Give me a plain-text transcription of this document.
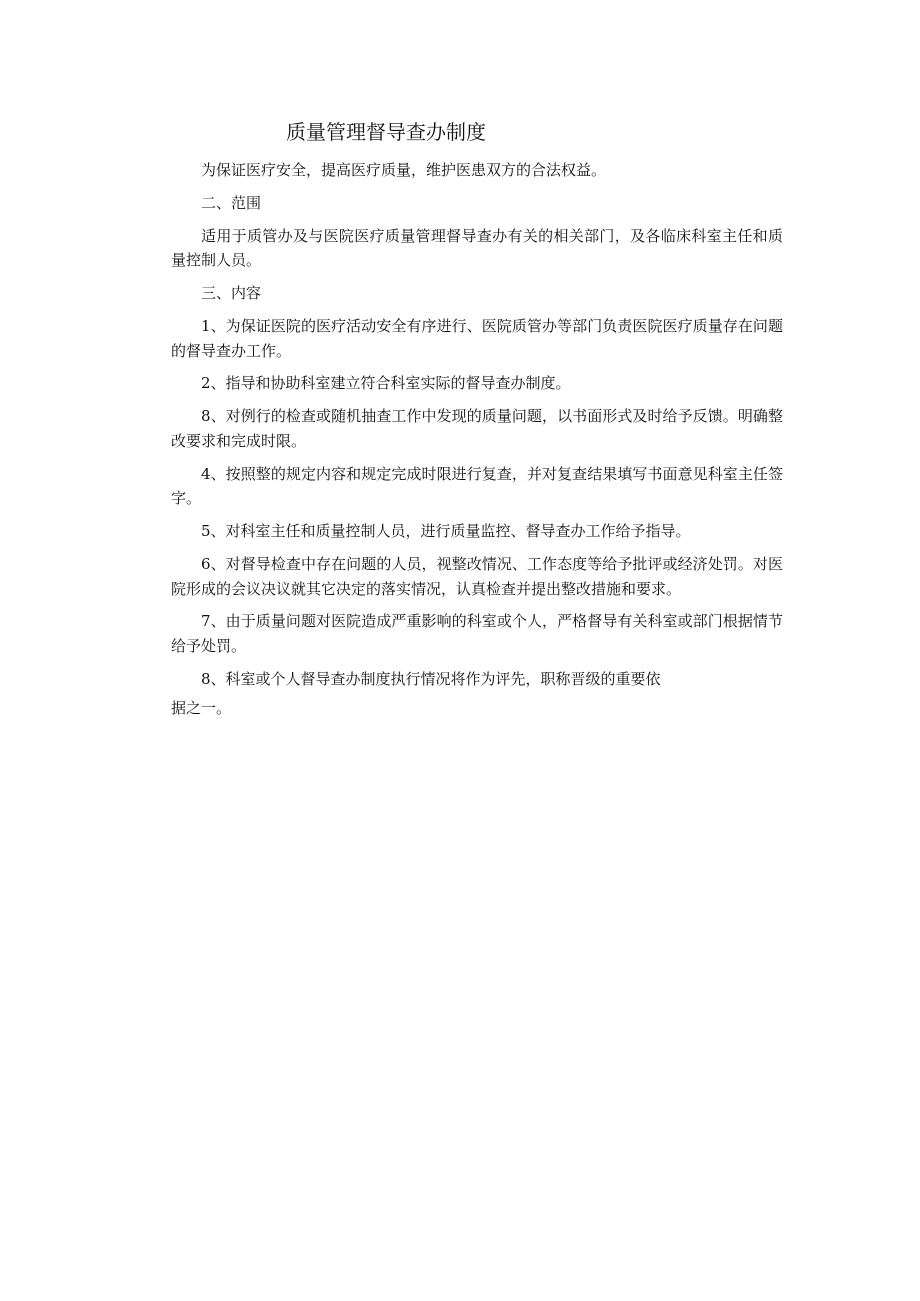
质量管理督导查办制度

为保证医疗安全，提高医疗质量，维护医患双方的合法权益。

二、范围

适用于质管办及与医院医疗质量管理督导查办有关的相关部门，及各临床科室主任和质量控制人员。

三、内容

1、为保证医院的医疗活动安全有序进行、医院质管办等部门负责医院医疗质量存在问题的督导查办工作。

2、指导和协助科室建立符合科室实际的督导查办制度。

8、对例行的检查或随机抽查工作中发现的质量问题，以书面形式及时给予反馈。明确整改要求和完成时限。

4、按照整的规定内容和规定完成时限进行复查，并对复查结果填写书面意见科室主任签字。

5、对科室主任和质量控制人员，进行质量监控、督导查办工作给予指导。

6、对督导检查中存在问题的人员，视整改情况、工作态度等给予批评或经济处罚。对医院形成的会议决议就其它决定的落实情况，认真检查并提出整改措施和要求。

7、由于质量问题对医院造成严重影响的科室或个人，严格督导有关科室或部门根据情节给予处罚。

8、科室或个人督导查办制度执行情况将作为评先，职称晋级的重要依

据之一。
